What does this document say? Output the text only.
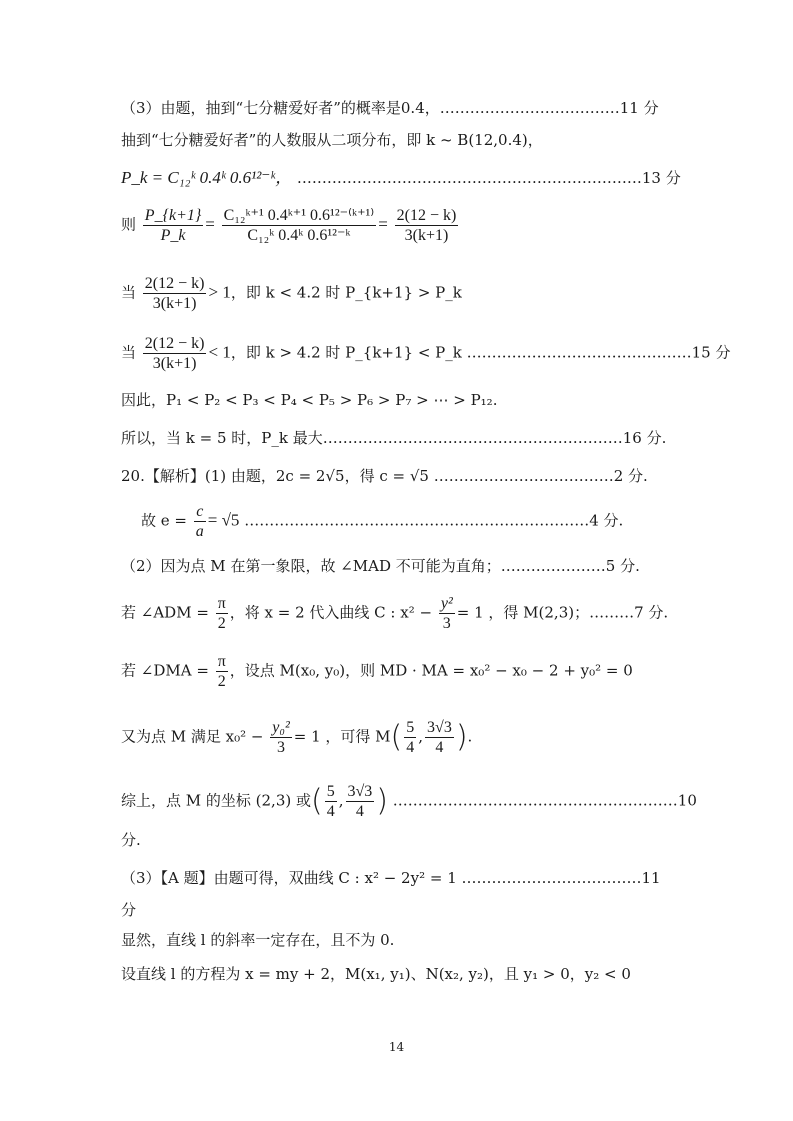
（3）由题，抽到“七分糖爱好者”的概率是0.4，………………………………11 分
抽到“七分糖爱好者”的人数服从二项分布，即 k ~ B(12,0.4)，
P_k = C₁₂ᵏ 0.4ᵏ 0.6¹²⁻ᵏ， ……………………………………………………………13 分
则 $\frac{P\_\{k+1\}}{P\_k} = \frac{\text{C₁₂ᵏ⁺¹ 0.4ᵏ⁺¹ 0.6¹²⁻⁽ᵏ⁺¹⁾}}{\text{C₁₂ᵏ 0.4ᵏ 0.6¹²⁻ᵏ}} = \frac{2(12 - k)}{3(k+1)}$
当 $\frac{2(12 - k)}{3(k+1)} > 1$，即 k < 4.2 时 P_{k+1} > P_k
当 $\frac{2(12 - k)}{3(k+1)} < 1$，即 k > 4.2 时 P_{k+1} < P_k ………………………………………15 分
因此，P₁ < P₂ < P₃ < P₄ < P₅ > P₆ > P₇ > ⋯ > P₁₂.
所以，当 k = 5 时，P_k 最大……………………………………………………16 分.
20.【解析】(1) 由题，2c = 2√5，得 c = √5 ………………………………2 分.
故 $e = \frac{c}{a} = √5$ ……………………………………………………………4 分.
（2）因为点 M 在第一象限，故 ∠MAD 不可能为直角；…………………5 分.
若 ∠ADM = $\frac{\pi}{2}$ ，将 x = 2 代入曲线 C : $x^2 - \frac{\text{y²}}{3} = 1$ ，得 M(2,3)；………7 分.
若 ∠DMA = $\frac{\pi}{2}$ ，设点 M(x₀, y₀)，则 MD · MA = x₀² − x₀ − 2 + y₀² = 0
又为点 M 满足 $x_0^2 - \frac{\text{y₀²}}{3} = 1$ ，可得 $M( \frac{5}{4}$ , $\frac{3√3}{4}$ ).
综上，点 M 的坐标 (2,3) 或( $\frac{5}{4}$ , $\frac{3√3}{4}$ ) …………………………………………………10
分.
（3）【A 题】由题可得，双曲线 C : x² − 2y² = 1 ………………………………11
分
显然，直线 l 的斜率一定存在，且不为 0.
设直线 l 的方程为 x = my + 2，M(x₁, y₁)、N(x₂, y₂)，且 y₁ > 0，y₂ < 0
14
